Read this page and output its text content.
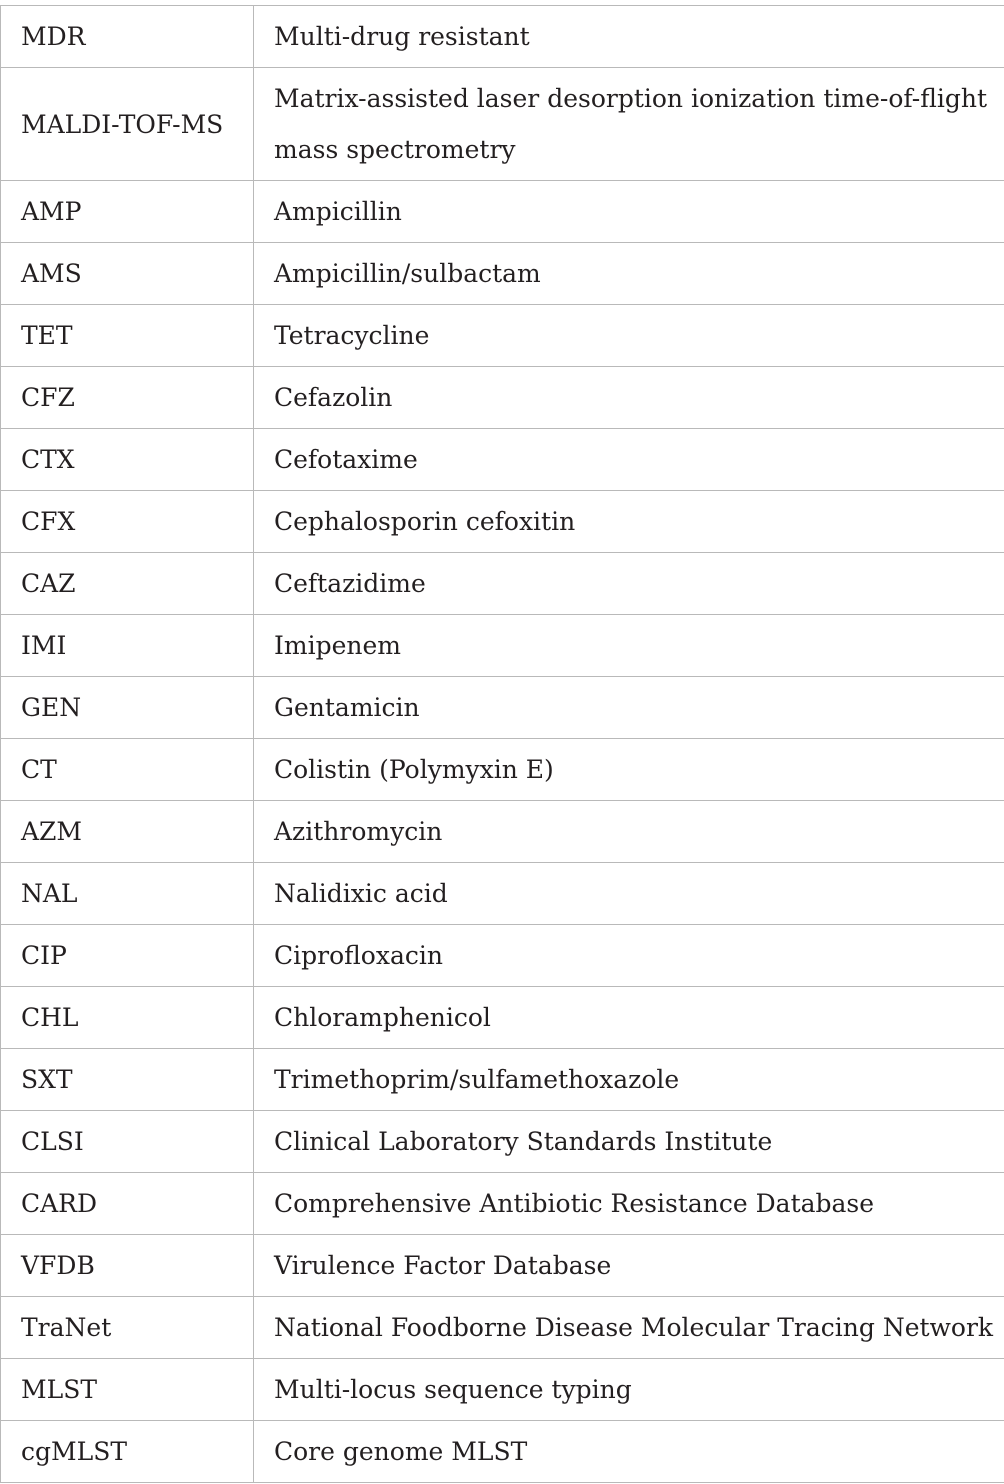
MDR	Multi-drug resistant
MALDI-TOF-MS	Matrix-assisted laser desorption ionization time-of-flight mass spectrometry
AMP	Ampicillin
AMS	Ampicillin/sulbactam
TET	Tetracycline
CFZ	Cefazolin
CTX	Cefotaxime
CFX	Cephalosporin cefoxitin
CAZ	Ceftazidime
IMI	Imipenem
GEN	Gentamicin
CT	Colistin (Polymyxin E)
AZM	Azithromycin
NAL	Nalidixic acid
CIP	Ciprofloxacin
CHL	Chloramphenicol
SXT	Trimethoprim/sulfamethoxazole
CLSI	Clinical Laboratory Standards Institute
CARD	Comprehensive Antibiotic Resistance Database
VFDB	Virulence Factor Database
TraNet	National Foodborne Disease Molecular Tracing Network
MLST	Multi-locus sequence typing
cgMLST	Core genome MLST
